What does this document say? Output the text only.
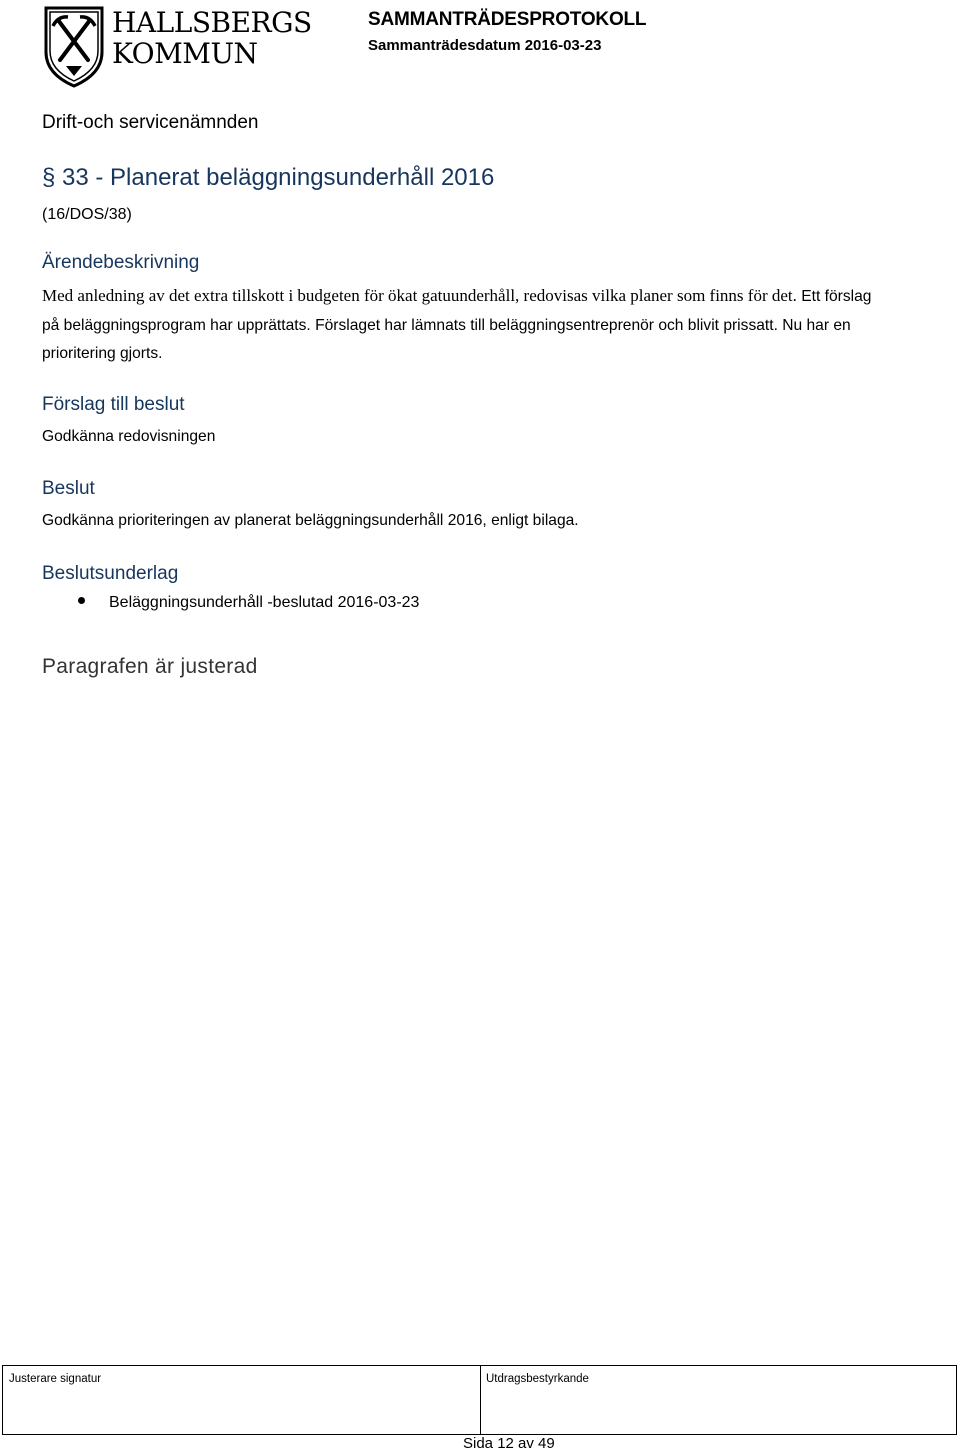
HALLSBERGS
KOMMUN
SAMMANTRÄDESPROTOKOLL
Sammanträdesdatum 2016-03-23
Drift-och servicenämnden
§ 33 - Planerat beläggningsunderhåll 2016
(16/DOS/38)
Ärendebeskrivning
Med anledning av det extra tillskott i budgeten för ökat gatuunderhåll, redovisas vilka planer som finns för det. Ett förslag på beläggningsprogram har upprättats. Förslaget har lämnats till beläggningsentreprenör och blivit prissatt. Nu har en prioritering gjorts.
Förslag till beslut
Godkänna redovisningen
Beslut
Godkänna prioriteringen av planerat beläggningsunderhåll 2016, enligt bilaga.
Beslutsunderlag
Beläggningsunderhåll -beslutad 2016-03-23
Paragrafen är justerad
Justerare signatur	Utdragsbestyrkande
Sida 12 av 49
